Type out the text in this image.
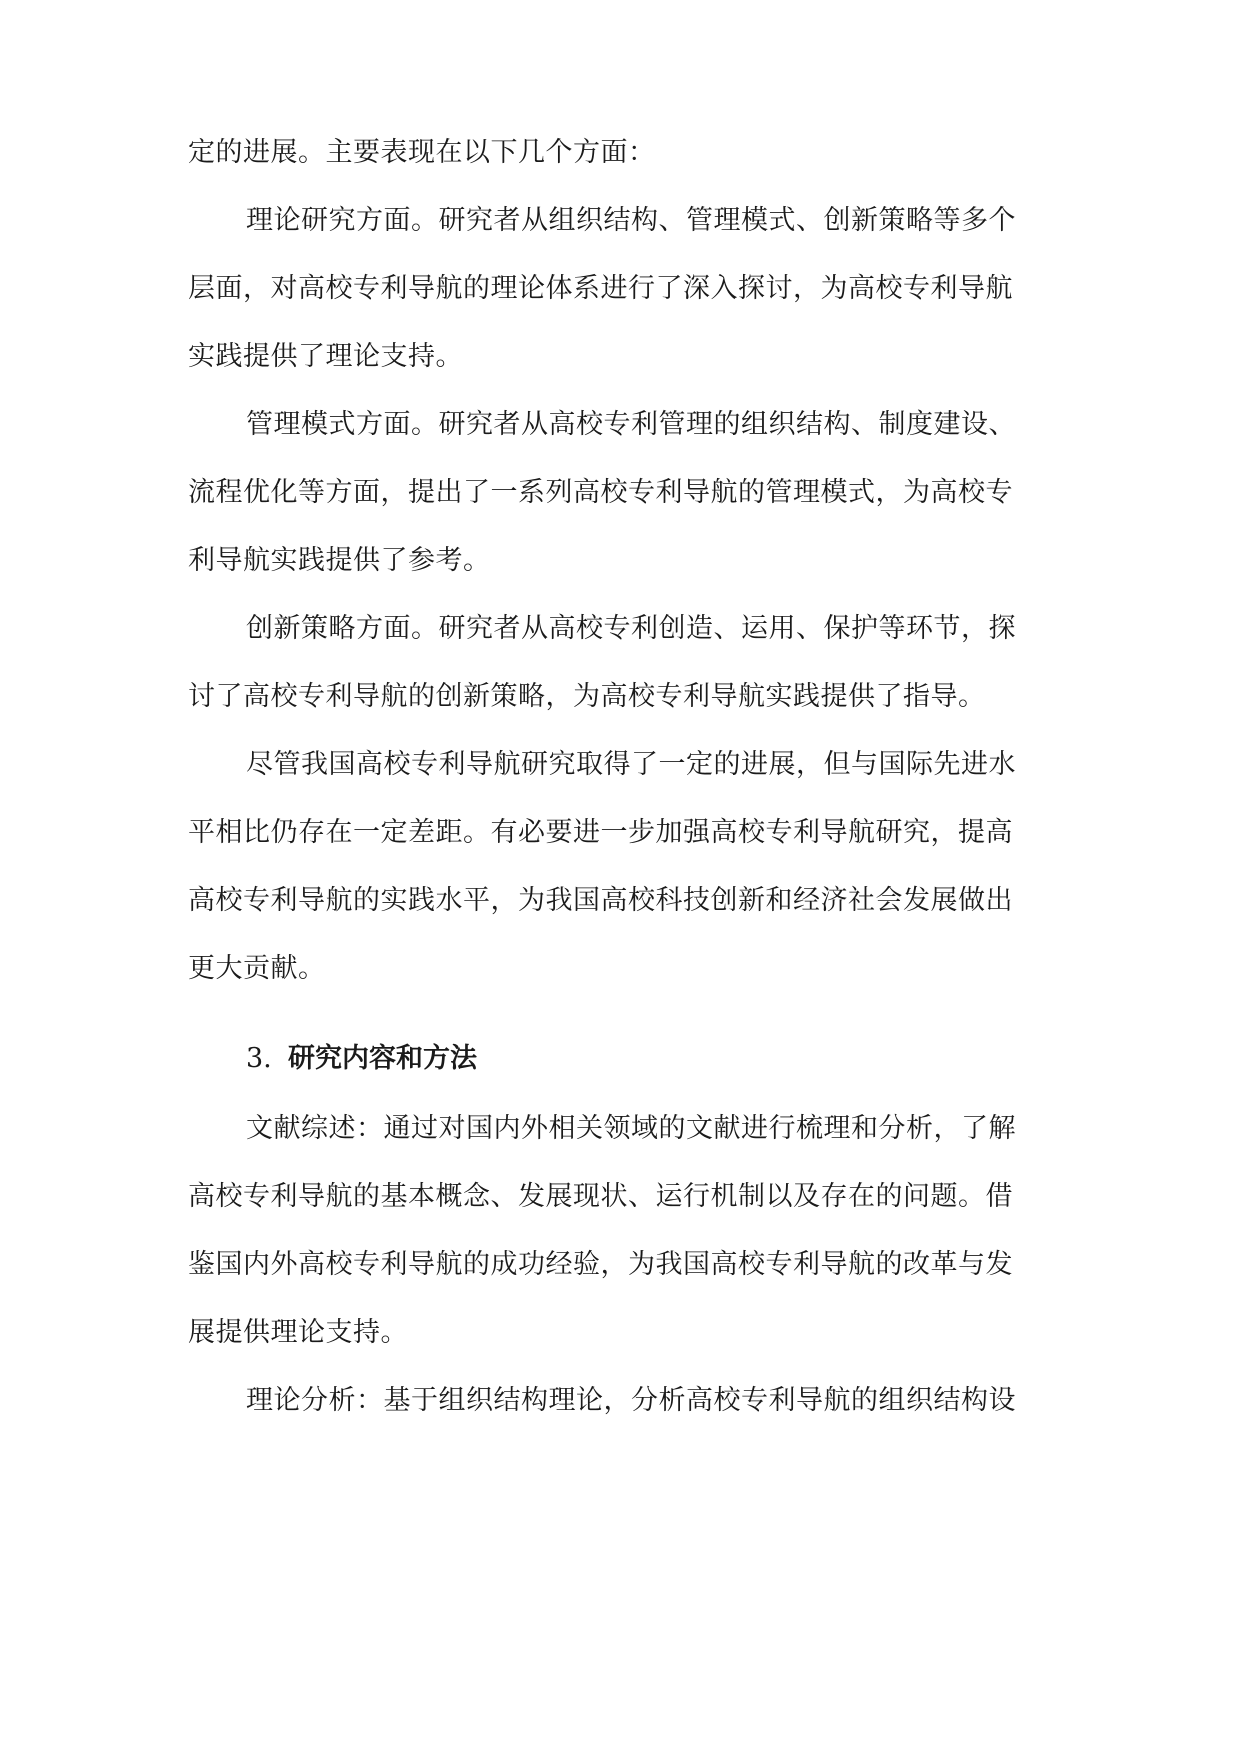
定的进展。主要表现在以下几个方面：
理论研究方面。研究者从组织结构、管理模式、创新策略等多个
层面，对高校专利导航的理论体系进行了深入探讨，为高校专利导航
实践提供了理论支持。
管理模式方面。研究者从高校专利管理的组织结构、制度建设、
流程优化等方面，提出了一系列高校专利导航的管理模式，为高校专
利导航实践提供了参考。
创新策略方面。研究者从高校专利创造、运用、保护等环节，探
讨了高校专利导航的创新策略，为高校专利导航实践提供了指导。
尽管我国高校专利导航研究取得了一定的进展，但与国际先进水
平相比仍存在一定差距。有必要进一步加强高校专利导航研究，提高
高校专利导航的实践水平，为我国高校科技创新和经济社会发展做出
更大贡献。
3. 研究内容和方法
文献综述：通过对国内外相关领域的文献进行梳理和分析，了解
高校专利导航的基本概念、发展现状、运行机制以及存在的问题。借
鉴国内外高校专利导航的成功经验，为我国高校专利导航的改革与发
展提供理论支持。
理论分析：基于组织结构理论，分析高校专利导航的组织结构设
